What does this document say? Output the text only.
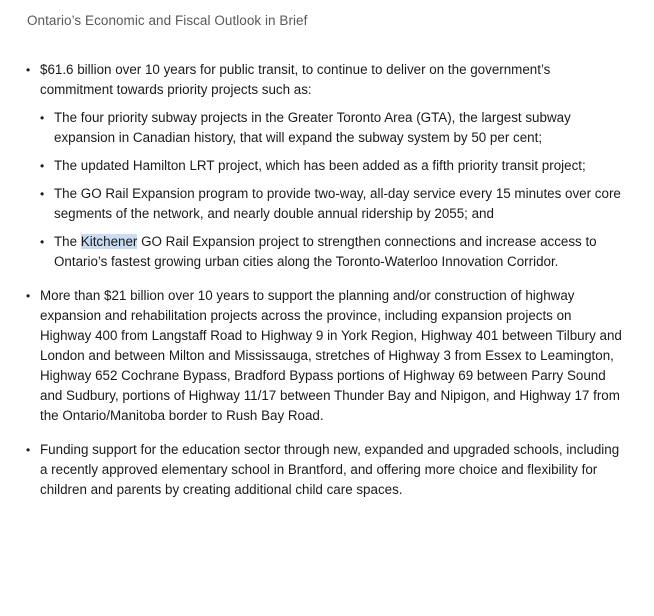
Ontario’s Economic and Fiscal Outlook in Brief
• $61.6 billion over 10 years for public transit, to continue to deliver on the government’s commitment towards priority projects such as:
• The four priority subway projects in the Greater Toronto Area (GTA), the largest subway expansion in Canadian history, that will expand the subway system by 50 per cent;
• The updated Hamilton LRT project, which has been added as a fifth priority transit project;
• The GO Rail Expansion program to provide two-way, all-day service every 15 minutes over core segments of the network, and nearly double annual ridership by 2055; and
• The Kitchener GO Rail Expansion project to strengthen connections and increase access to Ontario’s fastest growing urban cities along the Toronto-Waterloo Innovation Corridor.
• More than $21 billion over 10 years to support the planning and/or construction of highway expansion and rehabilitation projects across the province, including expansion projects on Highway 400 from Langstaff Road to Highway 9 in York Region, Highway 401 between Tilbury and London and between Milton and Mississauga, stretches of Highway 3 from Essex to Leamington, Highway 652 Cochrane Bypass, Bradford Bypass portions of Highway 69 between Parry Sound and Sudbury, portions of Highway 11/17 between Thunder Bay and Nipigon, and Highway 17 from the Ontario/Manitoba border to Rush Bay Road.
• Funding support for the education sector through new, expanded and upgraded schools, including a recently approved elementary school in Brantford, and offering more choice and flexibility for children and parents by creating additional child care spaces.
